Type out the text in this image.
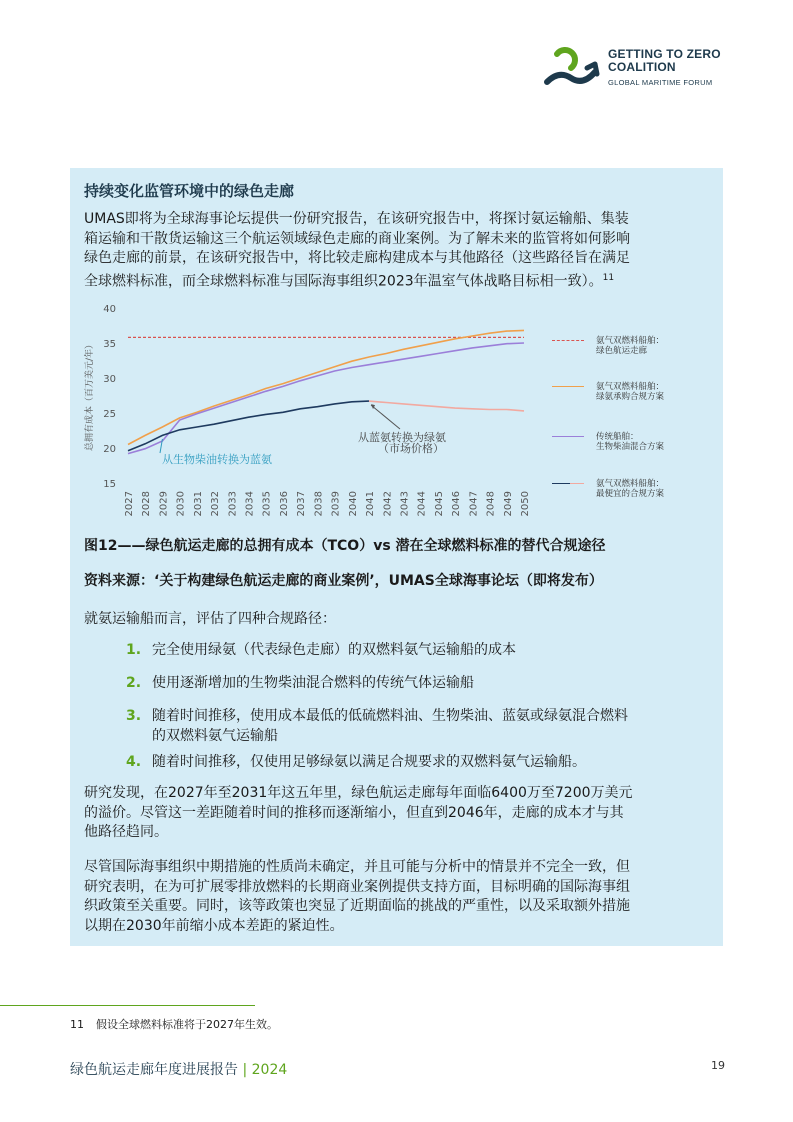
GETTING TO ZERO
COALITION
GLOBAL MARITIME FORUM
持续变化监管环境中的绿色走廊
UMAS即将为全球海事论坛提供一份研究报告，在该研究报告中，将探讨氨运输船、集装
箱运输和干散货运输这三个航运领域绿色走廊的商业案例。为了解未来的监管将如何影响
绿色走廊的前景，在该研究报告中，将比较走廊构建成本与其他路径（这些路径旨在满足
全球燃料标准，而全球燃料标准与国际海事组织2023年温室气体战略目标相一致）。$^{11}$
15
20
25
30
35
40
总拥有成本（百万美元/年）
2027 2028 2029 2030 2031 2032 2033 2034 2035 2036 2037 2038 2039 2040 2041 2042 2043 2044 2045 2046 2047 2048 2049 2050
从生物柴油转换为蓝氨
从蓝氨转换为绿氨
（市场价格）
氨气双燃料船舶：
绿色航运走廊
氨气双燃料船舶：
绿氨承购合规方案
传统船舶：
生物柴油混合方案
氨气双燃料船舶：
最便宜的合规方案
图12——绿色航运走廊的总拥有成本（TCO）vs 潜在全球燃料标准的替代合规途径
资料来源：‘关于构建绿色航运走廊的商业案例’，UMAS全球海事论坛（即将发布）
就氨运输船而言，评估了四种合规路径：
1. 完全使用绿氨（代表绿色走廊）的双燃料氨气运输船的成本
2. 使用逐渐增加的生物柴油混合燃料的传统气体运输船
3. 随着时间推移，使用成本最低的低硫燃料油、生物柴油、蓝氨或绿氨混合燃料
的双燃料氨气运输船
4. 随着时间推移，仅使用足够绿氨以满足合规要求的双燃料氨气运输船。
研究发现，在2027年至2031年这五年里，绿色航运走廊每年面临6400万至7200万美元
的溢价。尽管这一差距随着时间的推移而逐渐缩小，但直到2046年，走廊的成本才与其
他路径趋同。
尽管国际海事组织中期措施的性质尚未确定，并且可能与分析中的情景并不完全一致，但
研究表明，在为可扩展零排放燃料的长期商业案例提供支持方面，目标明确的国际海事组
织政策至关重要。同时，该等政策也突显了近期面临的挑战的严重性，以及采取额外措施
以期在2030年前缩小成本差距的紧迫性。
11 假设全球燃料标准将于2027年生效。
绿色航运走廊年度进展报告 | 2024	19
